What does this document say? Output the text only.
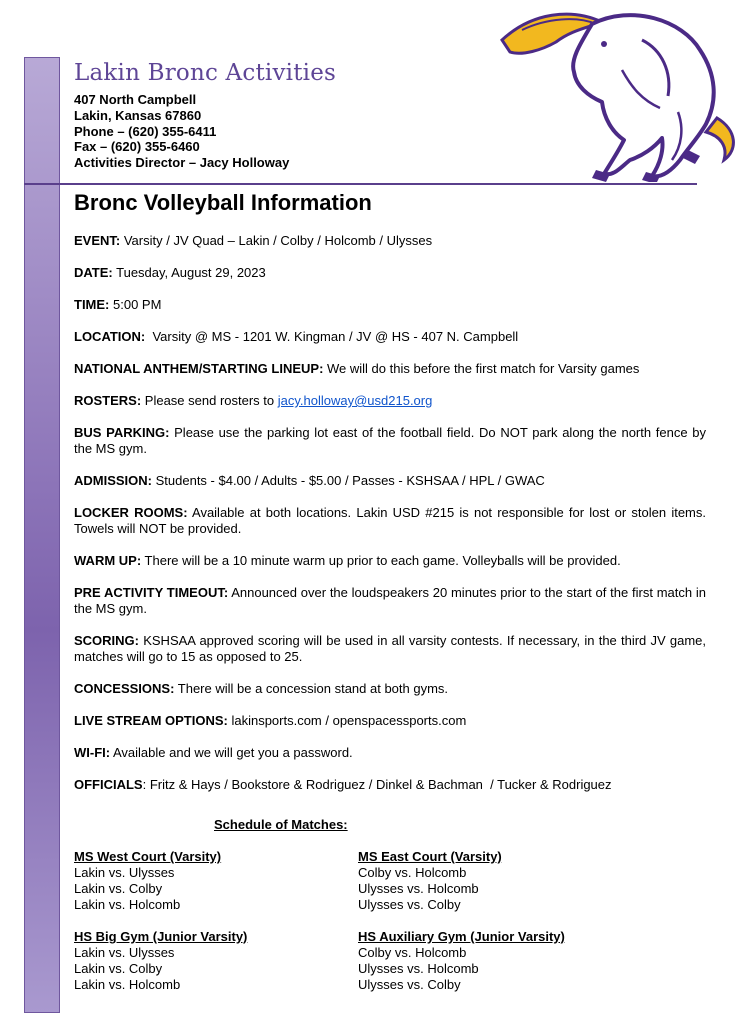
Lakin Bronc Activities
407 North Campbell
Lakin, Kansas 67860
Phone – (620) 355-6411
Fax – (620) 355-6460
Activities Director – Jacy Holloway
Bronc Volleyball Information

EVENT: Varsity / JV Quad – Lakin / Colby / Holcomb / Ulysses

DATE: Tuesday, August 29, 2023

TIME: 5:00 PM

LOCATION:  Varsity @ MS - 1201 W. Kingman / JV @ HS - 407 N. Campbell

NATIONAL ANTHEM/STARTING LINEUP: We will do this before the first match for Varsity games

ROSTERS: Please send rosters to jacy.holloway@usd215.org

BUS PARKING: Please use the parking lot east of the football field. Do NOT park along the north fence by the MS gym.

ADMISSION: Students - $4.00 / Adults - $5.00 / Passes - KSHSAA / HPL / GWAC

LOCKER ROOMS: Available at both locations. Lakin USD #215 is not responsible for lost or stolen items. Towels will NOT be provided.

WARM UP: There will be a 10 minute warm up prior to each game. Volleyballs will be provided.

PRE ACTIVITY TIMEOUT: Announced over the loudspeakers 20 minutes prior to the start of the first match in the MS gym.

SCORING: KSHSAA approved scoring will be used in all varsity contests. If necessary, in the third JV game, matches will go to 15 as opposed to 25.

CONCESSIONS: There will be a concession stand at both gyms.

LIVE STREAM OPTIONS: lakinsports.com / openspacessports.com

WI-FI: Available and we will get you a password.

OFFICIALS: Fritz & Hays / Bookstore & Rodriguez / Dinkel & Bachman  / Tucker & Rodriguez

Schedule of Matches:
MS West Court (Varsity)
Lakin vs. Ulysses
Lakin vs. Colby
Lakin vs. Holcomb
MS East Court (Varsity)
Colby vs. Holcomb
Ulysses vs. Holcomb
Ulysses vs. Colby
HS Big Gym (Junior Varsity)
Lakin vs. Ulysses
Lakin vs. Colby
Lakin vs. Holcomb
HS Auxiliary Gym (Junior Varsity)
Colby vs. Holcomb
Ulysses vs. Holcomb
Ulysses vs. Colby
